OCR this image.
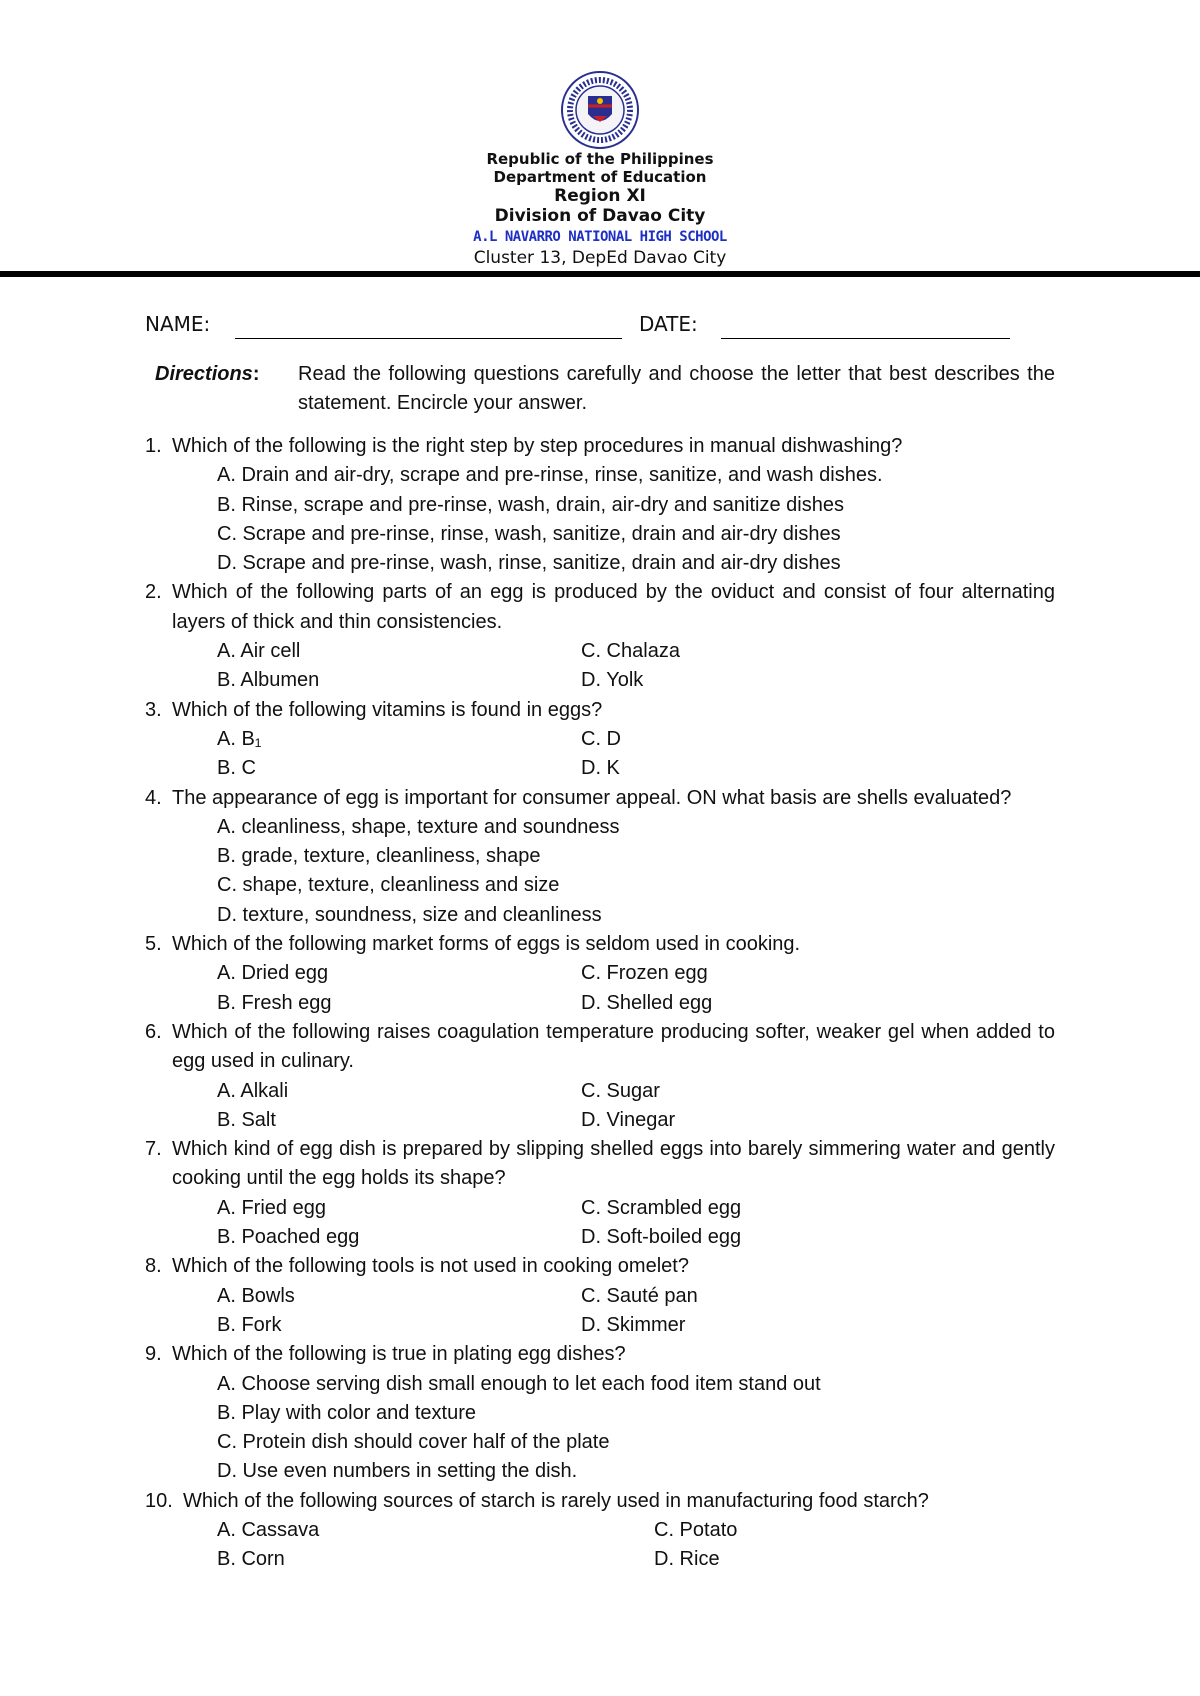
Republic of the Philippines
Department of Education
Region XI
Division of Davao City
A.L NAVARRO NATIONAL HIGH SCHOOL
Cluster 13, DepEd Davao City
NAME:	DATE:
Directions: Read the following questions carefully and choose the letter that best describes the statement. Encircle your answer.
1. Which of the following is the right step by step procedures in manual dishwashing?
A. Drain and air-dry, scrape and pre-rinse, rinse, sanitize, and wash dishes.
B. Rinse, scrape and pre-rinse, wash, drain, air-dry and sanitize dishes
C. Scrape and pre-rinse, rinse, wash, sanitize, drain and air-dry dishes
D. Scrape and pre-rinse, wash, rinse, sanitize, drain and air-dry dishes
2. Which of the following parts of an egg is produced by the oviduct and consist of four alternating layers of thick and thin consistencies.
A. Air cell	C. Chalaza
B. Albumen	D. Yolk
3. Which of the following vitamins is found in eggs?
A. B₁	C. D
B. C	D. K
4. The appearance of egg is important for consumer appeal. ON what basis are shells evaluated?
A. cleanliness, shape, texture and soundness
B. grade, texture, cleanliness, shape
C. shape, texture, cleanliness and size
D. texture, soundness, size and cleanliness
5. Which of the following market forms of eggs is seldom used in cooking.
A. Dried egg	C. Frozen egg
B. Fresh egg	D. Shelled egg
6. Which of the following raises coagulation temperature producing softer, weaker gel when added to egg used in culinary.
A. Alkali	C. Sugar
B. Salt	D. Vinegar
7. Which kind of egg dish is prepared by slipping shelled eggs into barely simmering water and gently cooking until the egg holds its shape?
A. Fried egg	C. Scrambled egg
B. Poached egg	D. Soft-boiled egg
8. Which of the following tools is not used in cooking omelet?
A. Bowls	C. Sauté pan
B. Fork	D. Skimmer
9. Which of the following is true in plating egg dishes?
A. Choose serving dish small enough to let each food item stand out
B. Play with color and texture
C. Protein dish should cover half of the plate
D. Use even numbers in setting the dish.
10. Which of the following sources of starch is rarely used in manufacturing food starch?
A. Cassava	C. Potato
B. Corn	D. Rice
